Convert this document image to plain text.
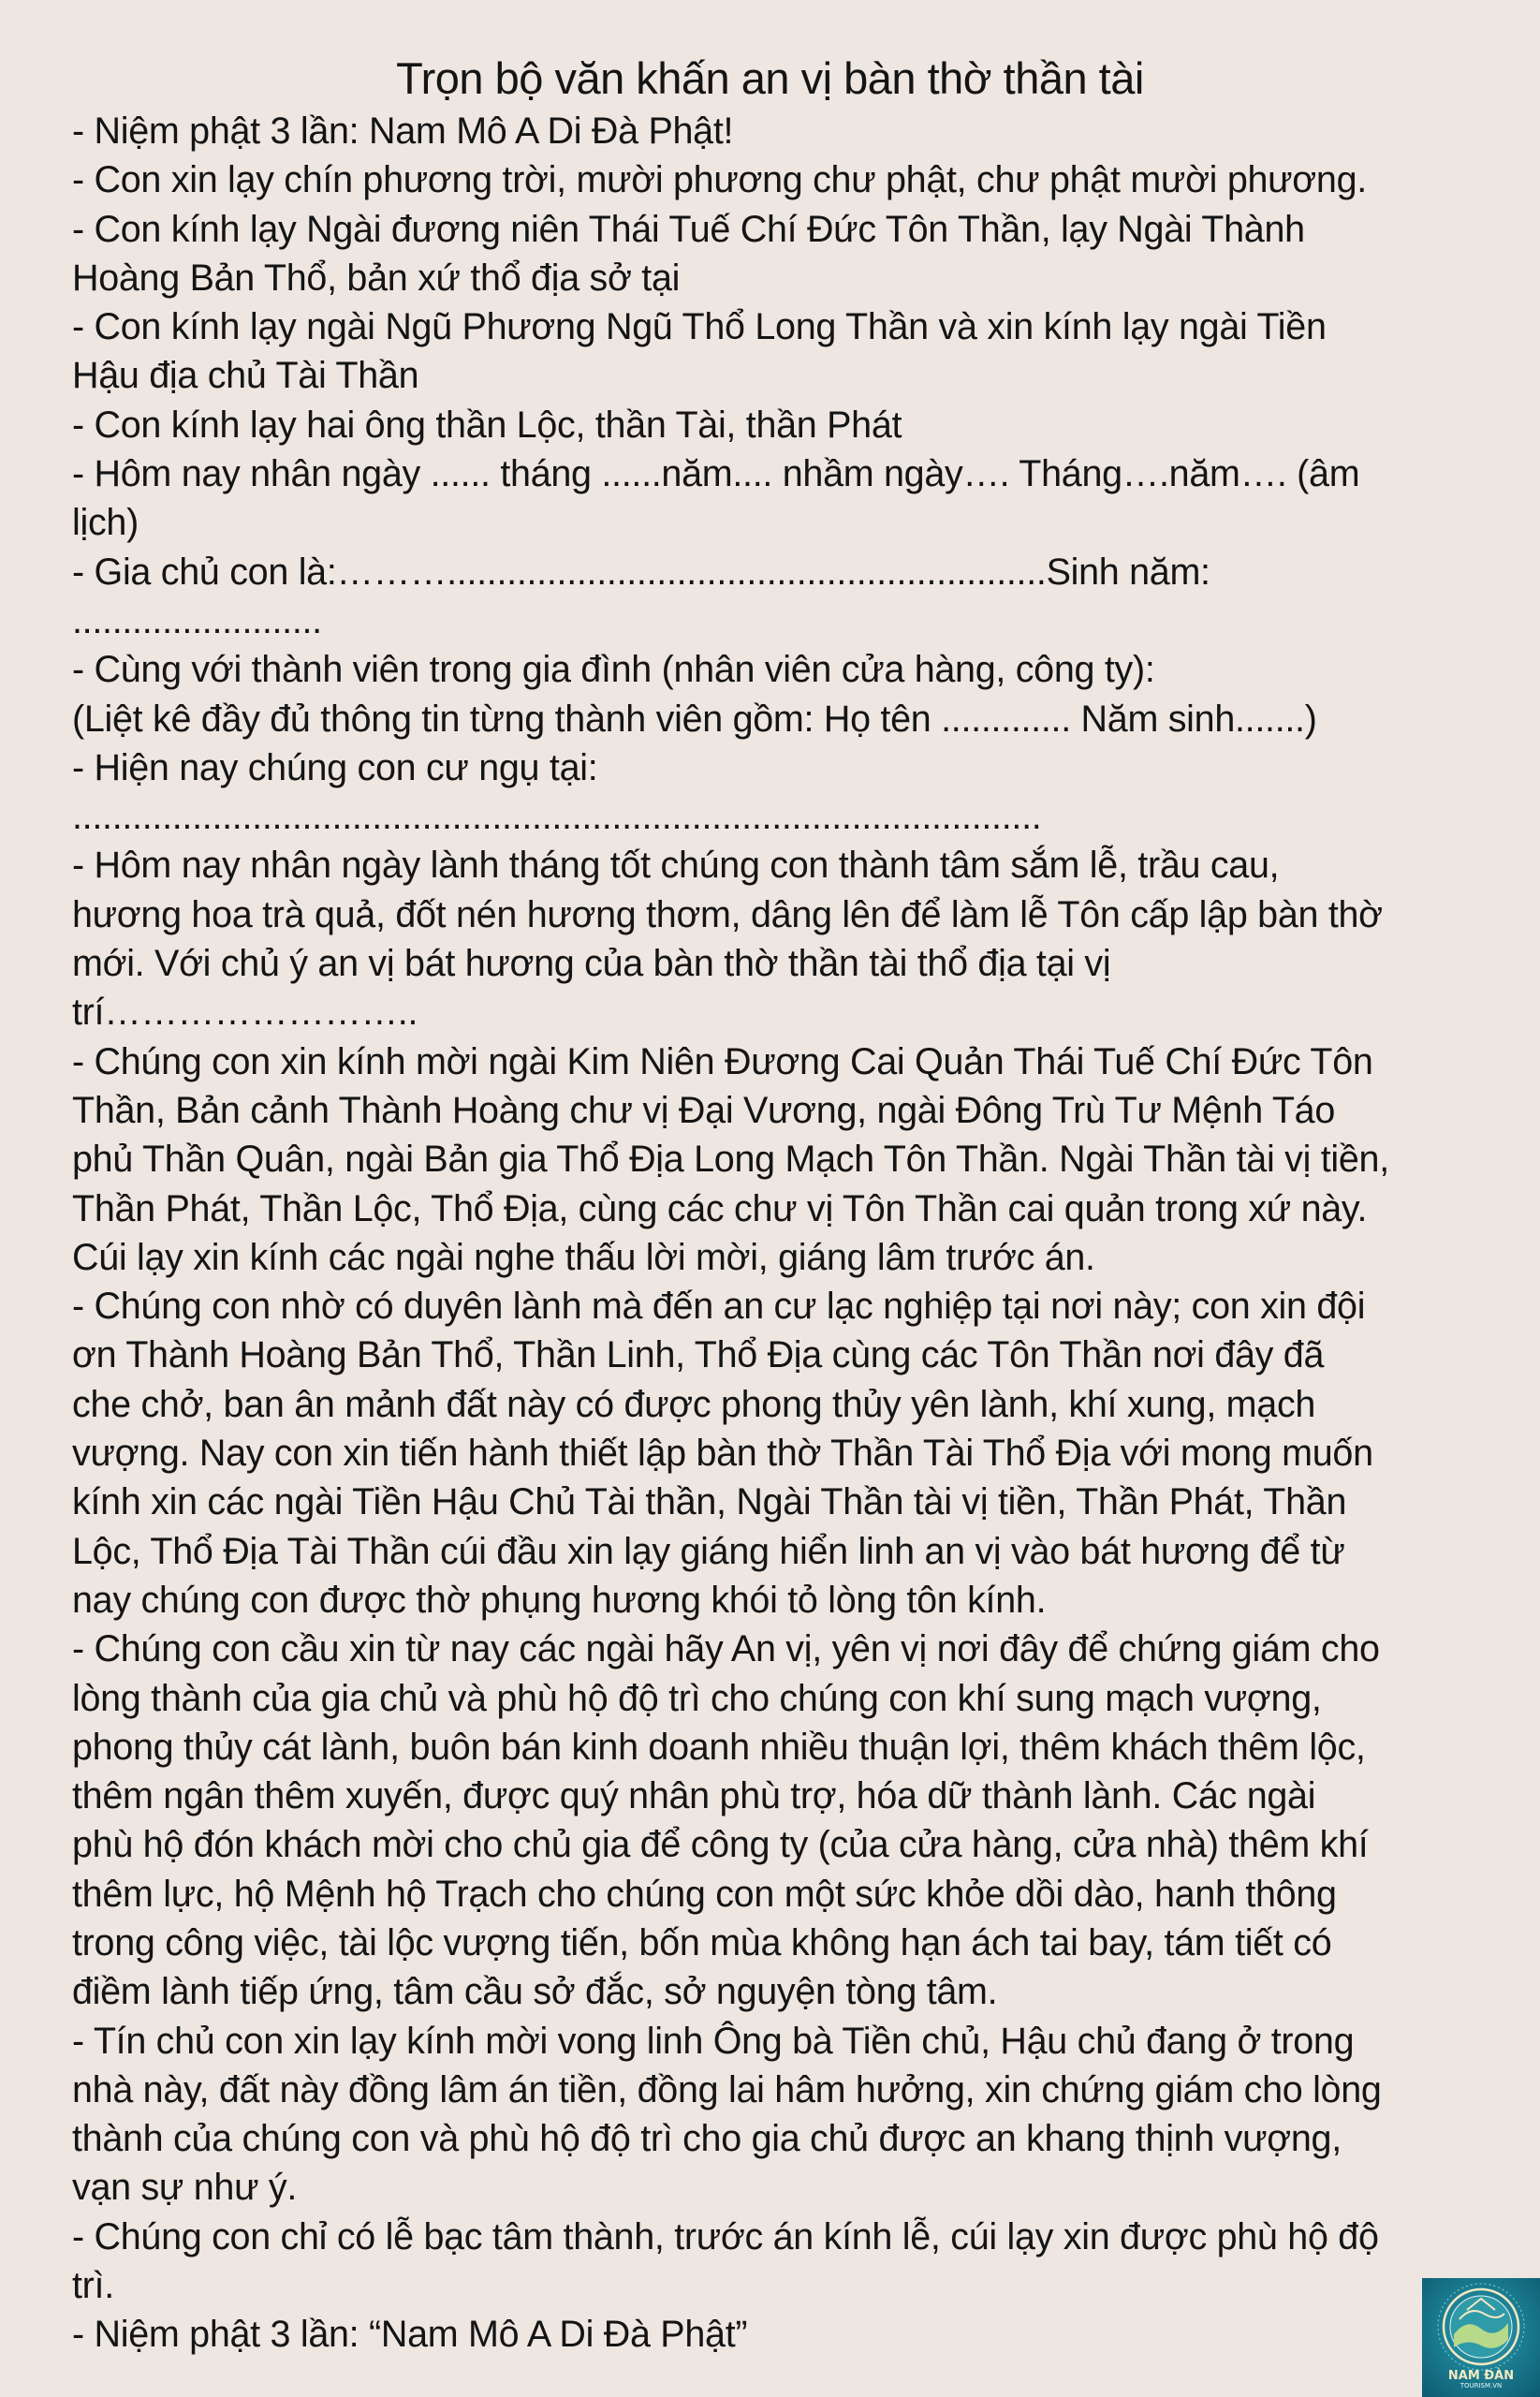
Trọn bộ văn khấn an vị bàn thờ thần tài
- Niệm phật 3 lần: Nam Mô A Di Đà Phật!
- Con xin lạy chín phương trời, mười phương chư phật, chư phật mười phương.
- Con kính lạy Ngài đương niên Thái Tuế Chí Đức Tôn Thần, lạy Ngài Thành
Hoàng Bản Thổ, bản xứ thổ địa sở tại
- Con kính lạy ngài Ngũ Phương Ngũ Thổ Long Thần và xin kính lạy ngài Tiền
Hậu địa chủ Tài Thần
- Con kính lạy hai ông thần Lộc, thần Tài, thần Phát
- Hôm nay nhân ngày ...... tháng ......năm.... nhầm ngày…. Tháng….năm…. (âm
lịch)
- Gia chủ con là:………............................................................Sinh năm:
.........................
- Cùng với thành viên trong gia đình (nhân viên cửa hàng, công ty):
(Liệt kê đầy đủ thông tin từng thành viên gồm: Họ tên ............. Năm sinh.......)
- Hiện nay chúng con cư ngụ tại:
.................................................................................................
- Hôm nay nhân ngày lành tháng tốt chúng con thành tâm sắm lễ, trầu cau,
hương hoa trà quả, đốt nén hương thơm, dâng lên để làm lễ Tôn cấp lập bàn thờ
mới. Với chủ ý an vị bát hương của bàn thờ thần tài thổ địa tại vị
trí……………………..
- Chúng con xin kính mời ngài Kim Niên Đương Cai Quản Thái Tuế Chí Đức Tôn
Thần, Bản cảnh Thành Hoàng chư vị Đại Vương, ngài Đông Trù Tư Mệnh Táo
phủ Thần Quân, ngài Bản gia Thổ Địa Long Mạch Tôn Thần. Ngài Thần tài vị tiền,
Thần Phát, Thần Lộc, Thổ Địa, cùng các chư vị Tôn Thần cai quản trong xứ này.
Cúi lạy xin kính các ngài nghe thấu lời mời, giáng lâm trước án.
- Chúng con nhờ có duyên lành mà đến an cư lạc nghiệp tại nơi này; con xin đội
ơn Thành Hoàng Bản Thổ, Thần Linh, Thổ Địa cùng các Tôn Thần nơi đây đã
che chở, ban ân mảnh đất này có được phong thủy yên lành, khí xung, mạch
vượng. Nay con xin tiến hành thiết lập bàn thờ Thần Tài Thổ Địa với mong muốn
kính xin các ngài Tiền Hậu Chủ Tài thần, Ngài Thần tài vị tiền, Thần Phát, Thần
Lộc, Thổ Địa Tài Thần cúi đầu xin lạy giáng hiển linh an vị vào bát hương để từ
nay chúng con được thờ phụng hương khói tỏ lòng tôn kính.
- Chúng con cầu xin từ nay các ngài hãy An vị, yên vị nơi đây để chứng giám cho
lòng thành của gia chủ và phù hộ độ trì cho chúng con khí sung mạch vượng,
phong thủy cát lành, buôn bán kinh doanh nhiều thuận lợi, thêm khách thêm lộc,
thêm ngân thêm xuyến, được quý nhân phù trợ, hóa dữ thành lành. Các ngài
phù hộ đón khách mời cho chủ gia để công ty (của cửa hàng, cửa nhà) thêm khí
thêm lực, hộ Mệnh hộ Trạch cho chúng con một sức khỏe dồi dào, hanh thông
trong công việc, tài lộc vượng tiến, bốn mùa không hạn ách tai bay, tám tiết có
điềm lành tiếp ứng, tâm cầu sở đắc, sở nguyện tòng tâm.
- Tín chủ con xin lạy kính mời vong linh Ông bà Tiền chủ, Hậu chủ đang ở trong
nhà này, đất này đồng lâm án tiền, đồng lai hâm hưởng, xin chứng giám cho lòng
thành của chúng con và phù hộ độ trì cho gia chủ được an khang thịnh vượng,
vạn sự như ý.
- Chúng con chỉ có lễ bạc tâm thành, trước án kính lễ, cúi lạy xin được phù hộ độ
trì.
- Niệm phật 3 lần: “Nam Mô A Di Đà Phật”
NAM ĐÀN
TOURISM.VN
